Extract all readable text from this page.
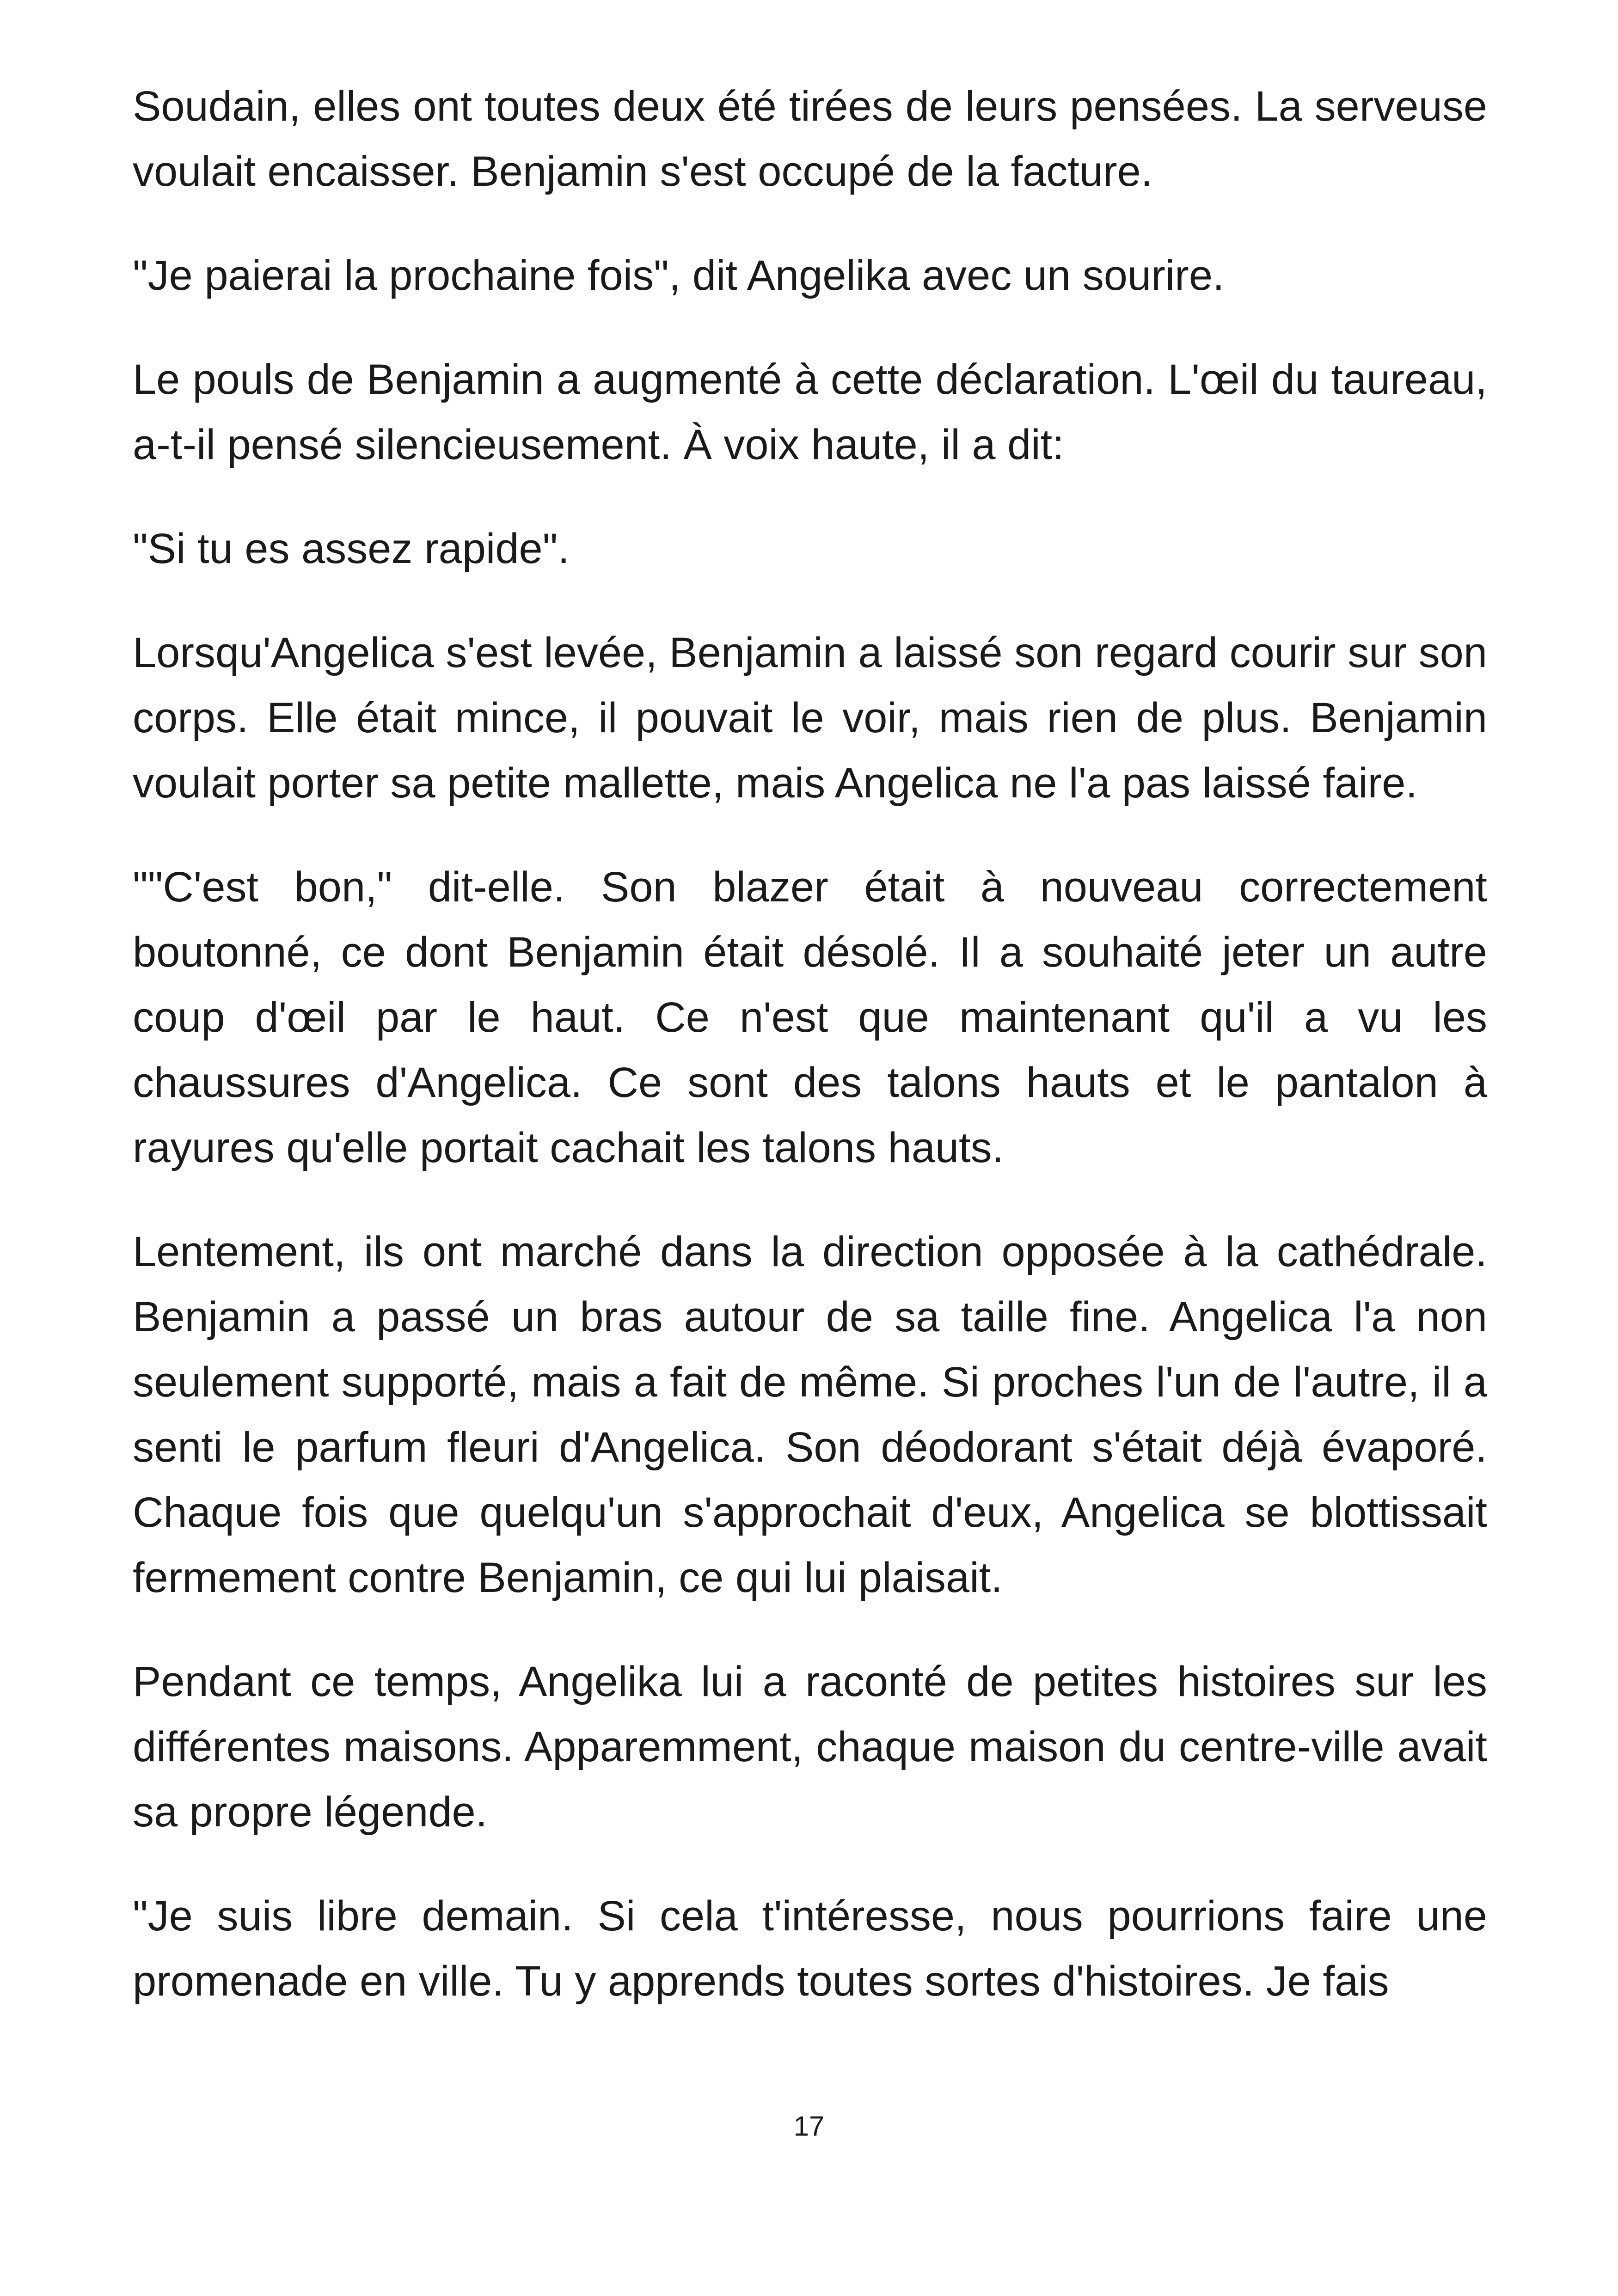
Soudain, elles ont toutes deux été tirées de leurs pensées. La serveuse voulait encaisser. Benjamin s'est occupé de la facture.

"Je paierai la prochaine fois", dit Angelika avec un sourire.

Le pouls de Benjamin a augmenté à cette déclaration. L'œil du taureau, a-t-il pensé silencieusement. À voix haute, il a dit:

"Si tu es assez rapide".

Lorsqu'Angelica s'est levée, Benjamin a laissé son regard courir sur son corps. Elle était mince, il pouvait le voir, mais rien de plus. Benjamin voulait porter sa petite mallette, mais Angelica ne l'a pas laissé faire.

""C'est bon," dit-elle. Son blazer était à nouveau correctement boutonné, ce dont Benjamin était désolé. Il a souhaité jeter un autre coup d'œil par le haut. Ce n'est que maintenant qu'il a vu les chaussures d'Angelica. Ce sont des talons hauts et le pantalon à rayures qu'elle portait cachait les talons hauts.

Lentement, ils ont marché dans la direction opposée à la cathédrale. Benjamin a passé un bras autour de sa taille fine. Angelica l'a non seulement supporté, mais a fait de même. Si proches l'un de l'autre, il a senti le parfum fleuri d'Angelica. Son déodorant s'était déjà évaporé. Chaque fois que quelqu'un s'approchait d'eux, Angelica se blottissait fermement contre Benjamin, ce qui lui plaisait.

Pendant ce temps, Angelika lui a raconté de petites histoires sur les différentes maisons. Apparemment, chaque maison du centre-ville avait sa propre légende.

"Je suis libre demain. Si cela t'intéresse, nous pourrions faire une promenade en ville. Tu y apprends toutes sortes d'histoires. Je fais

17
